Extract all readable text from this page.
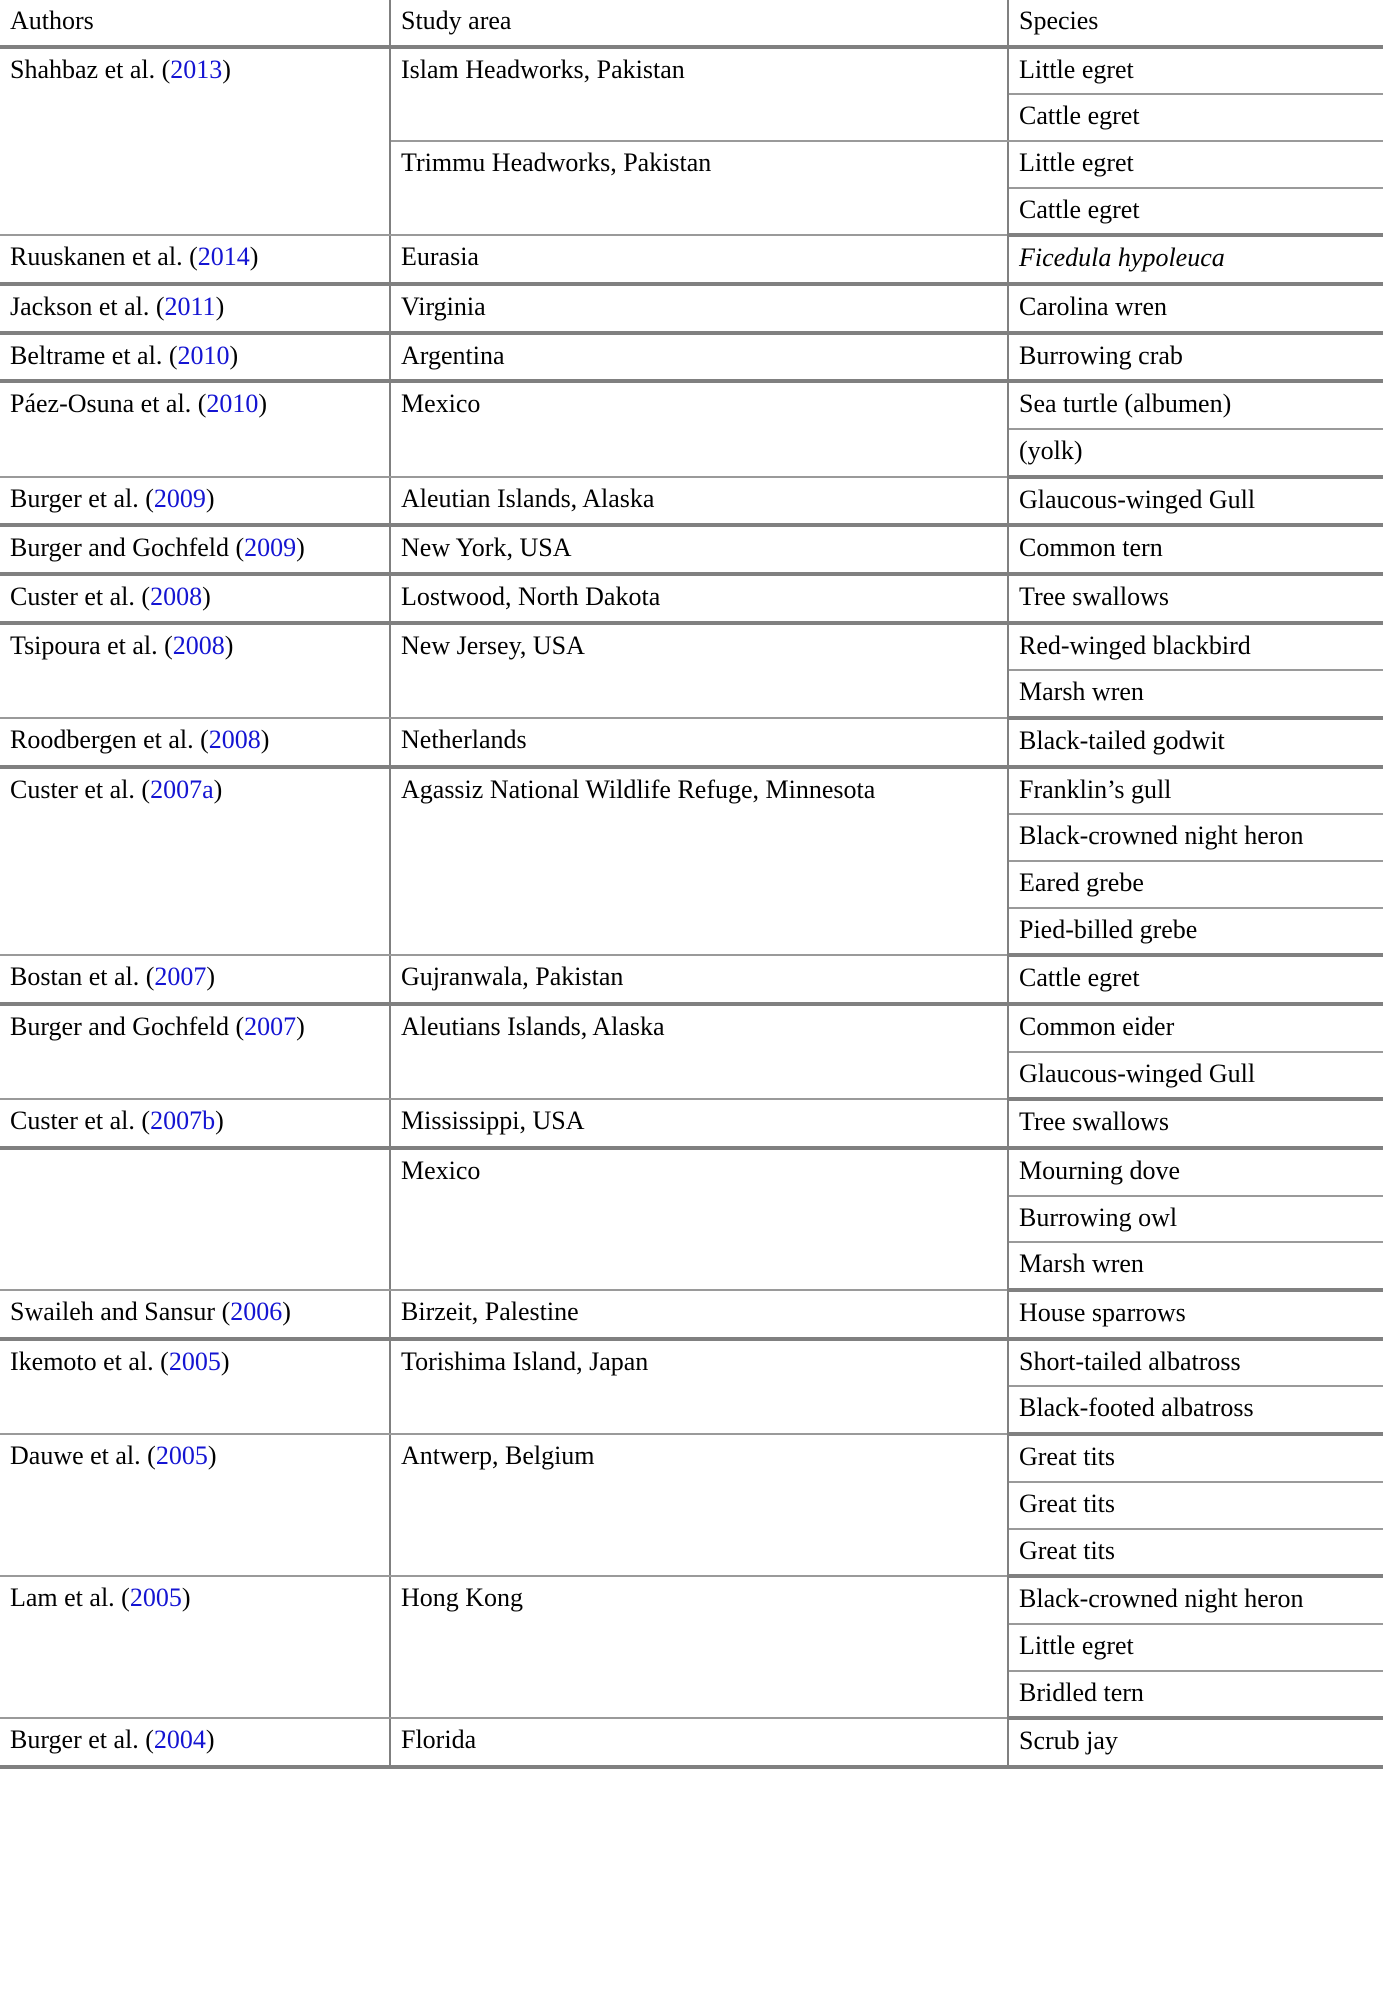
Authors	Study area	Species
Shahbaz et al. (2013)	Islam Headworks, Pakistan	Little egret
		Cattle egret
	Trimmu Headworks, Pakistan	Little egret
		Cattle egret
Ruuskanen et al. (2014)	Eurasia	Ficedula hypoleuca
Jackson et al. (2011)	Virginia	Carolina wren
Beltrame et al. (2010)	Argentina	Burrowing crab
Páez-Osuna et al. (2010)	Mexico	Sea turtle (albumen)
		(yolk)
Burger et al. (2009)	Aleutian Islands, Alaska	Glaucous-winged Gull
Burger and Gochfeld (2009)	New York, USA	Common tern
Custer et al. (2008)	Lostwood, North Dakota	Tree swallows
Tsipoura et al. (2008)	New Jersey, USA	Red-winged blackbird
		Marsh wren
Roodbergen et al. (2008)	Netherlands	Black-tailed godwit
Custer et al. (2007a)	Agassiz National Wildlife Refuge, Minnesota	Franklin’s gull
		Black-crowned night heron
		Eared grebe
		Pied-billed grebe
Bostan et al. (2007)	Gujranwala, Pakistan	Cattle egret
Burger and Gochfeld (2007)	Aleutians Islands, Alaska	Common eider
		Glaucous-winged Gull
Custer et al. (2007b)	Mississippi, USA	Tree swallows
	Mexico	Mourning dove
		Burrowing owl
		Marsh wren
Swaileh and Sansur (2006)	Birzeit, Palestine	House sparrows
Ikemoto et al. (2005)	Torishima Island, Japan	Short-tailed albatross
		Black-footed albatross
Dauwe et al. (2005)	Antwerp, Belgium	Great tits
		Great tits
		Great tits
Lam et al. (2005)	Hong Kong	Black-crowned night heron
		Little egret
		Bridled tern
Burger et al. (2004)	Florida	Scrub jay
